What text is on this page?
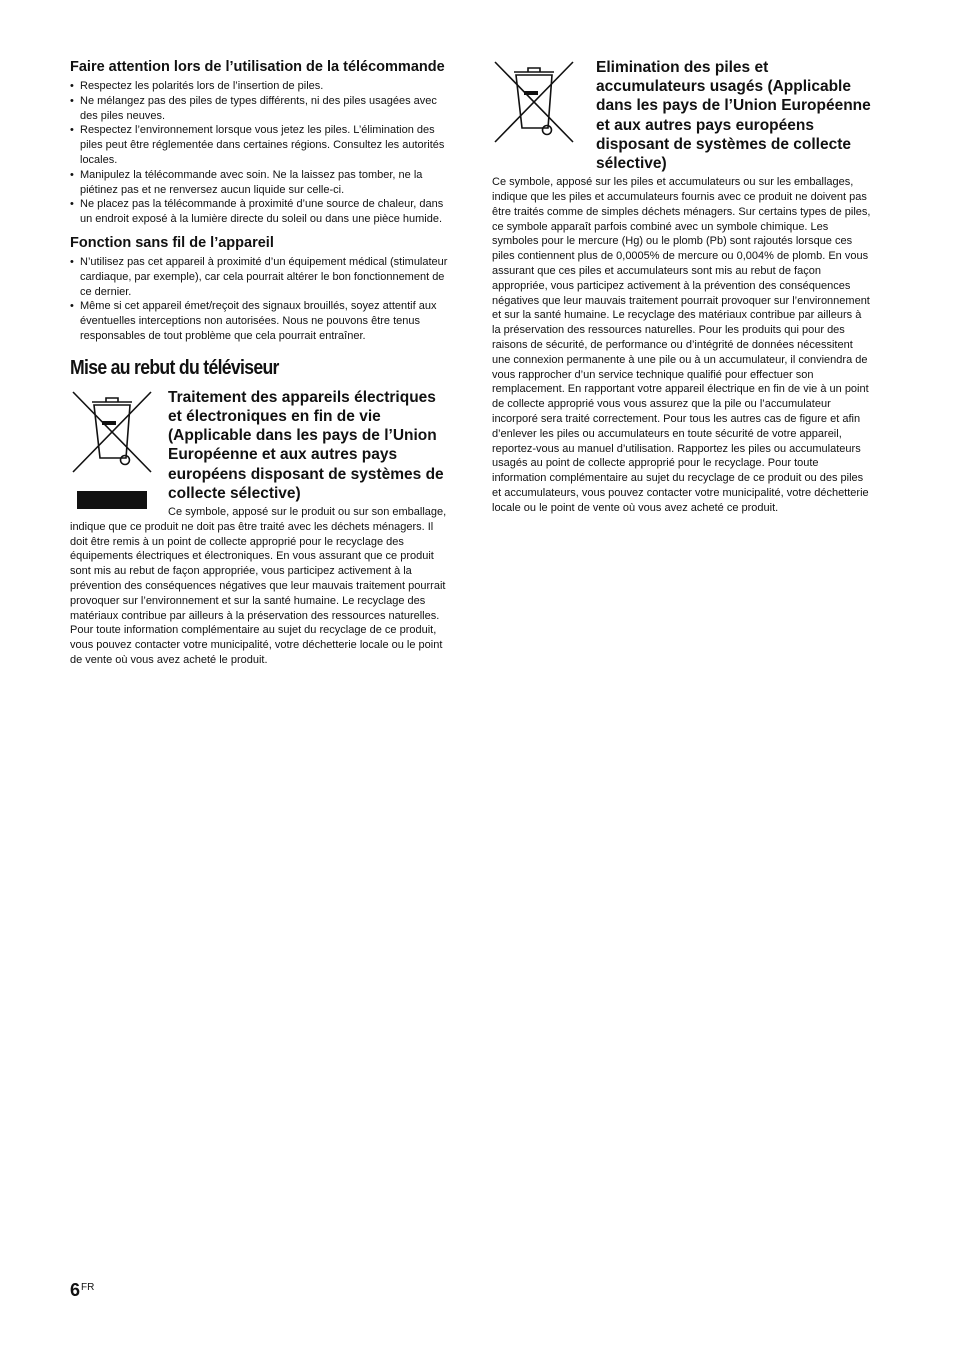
Faire attention lors de l’utilisation de la télécommande
• Respectez les polarités lors de l’insertion de piles.
• Ne mélangez pas des piles de types différents, ni des piles usagées avec des piles neuves.
• Respectez l’environnement lorsque vous jetez les piles. L’élimination des piles peut être réglementée dans certaines régions. Consultez les autorités locales.
• Manipulez la télécommande avec soin. Ne la laissez pas tomber, ne la piétinez pas et ne renversez aucun liquide sur celle-ci.
• Ne placez pas la télécommande à proximité d’une source de chaleur, dans un endroit exposé à la lumière directe du soleil ou dans une pièce humide.
Fonction sans fil de l’appareil
• N’utilisez pas cet appareil à proximité d’un équipement médical (stimulateur cardiaque, par exemple), car cela pourrait altérer le bon fonctionnement de ce dernier.
• Même si cet appareil émet/reçoit des signaux brouillés, soyez attentif aux éventuelles interceptions non autorisées. Nous ne pouvons être tenus responsables de tout problème que cela pourrait entraîner.
Mise au rebut du téléviseur
Traitement des appareils électriques et électroniques en fin de vie (Applicable dans les pays de l’Union Européenne et aux autres pays européens disposant de systèmes de collecte sélective)

Ce symbole, apposé sur le produit ou sur son emballage, indique que ce produit ne doit pas être traité avec les déchets ménagers. Il doit être remis à un point de collecte approprié pour le recyclage des équipements électriques et électroniques. En vous assurant que ce produit sont mis au rebut de façon appropriée, vous participez activement à la prévention des conséquences négatives que leur mauvais traitement pourrait provoquer sur l’environnement et sur la santé humaine. Le recyclage des matériaux contribue par ailleurs à la préservation des ressources naturelles. Pour toute information complémentaire au sujet du recyclage de ce produit, vous pouvez contacter votre municipalité, votre déchetterie locale ou le point de vente où vous avez acheté le produit.

Elimination des piles et accumulateurs usagés (Applicable dans les pays de l’Union Européenne et aux autres pays européens disposant de systèmes de collecte sélective)

Ce symbole, apposé sur les piles et accumulateurs ou sur les emballages, indique que les piles et accumulateurs fournis avec ce produit ne doivent pas être traités comme de simples déchets ménagers. Sur certains types de piles, ce symbole apparaît parfois combiné avec un symbole chimique. Les symboles pour le mercure (Hg) ou le plomb (Pb) sont rajoutés lorsque ces piles contiennent plus de 0,0005% de mercure ou 0,004% de plomb. En vous assurant que ces piles et accumulateurs sont mis au rebut de façon appropriée, vous participez activement à la prévention des conséquences négatives que leur mauvais traitement pourrait provoquer sur l’environnement et sur la santé humaine. Le recyclage des matériaux contribue par ailleurs à la préservation des ressources naturelles. Pour les produits qui pour des raisons de sécurité, de performance ou d’intégrité de données nécessitent une connexion permanente à une pile ou à un accumulateur, il conviendra de vous rapprocher d’un service technique qualifié pour effectuer son remplacement. En rapportant votre appareil électrique en fin de vie à un point de collecte approprié vous vous assurez que la pile ou l’accumulateur incorporé sera traité correctement. Pour tous les autres cas de figure et afin d’enlever les piles ou accumulateurs en toute sécurité de votre appareil, reportez-vous au manuel d’utilisation. Rapportez les piles ou accumulateurs usagés au point de collecte approprié pour le recyclage. Pour toute information complémentaire au sujet du recyclage de ce produit ou des piles et accumulateurs, vous pouvez contacter votre municipalité, votre déchetterie locale ou le point de vente où vous avez acheté ce produit.

$6^{FR}$
